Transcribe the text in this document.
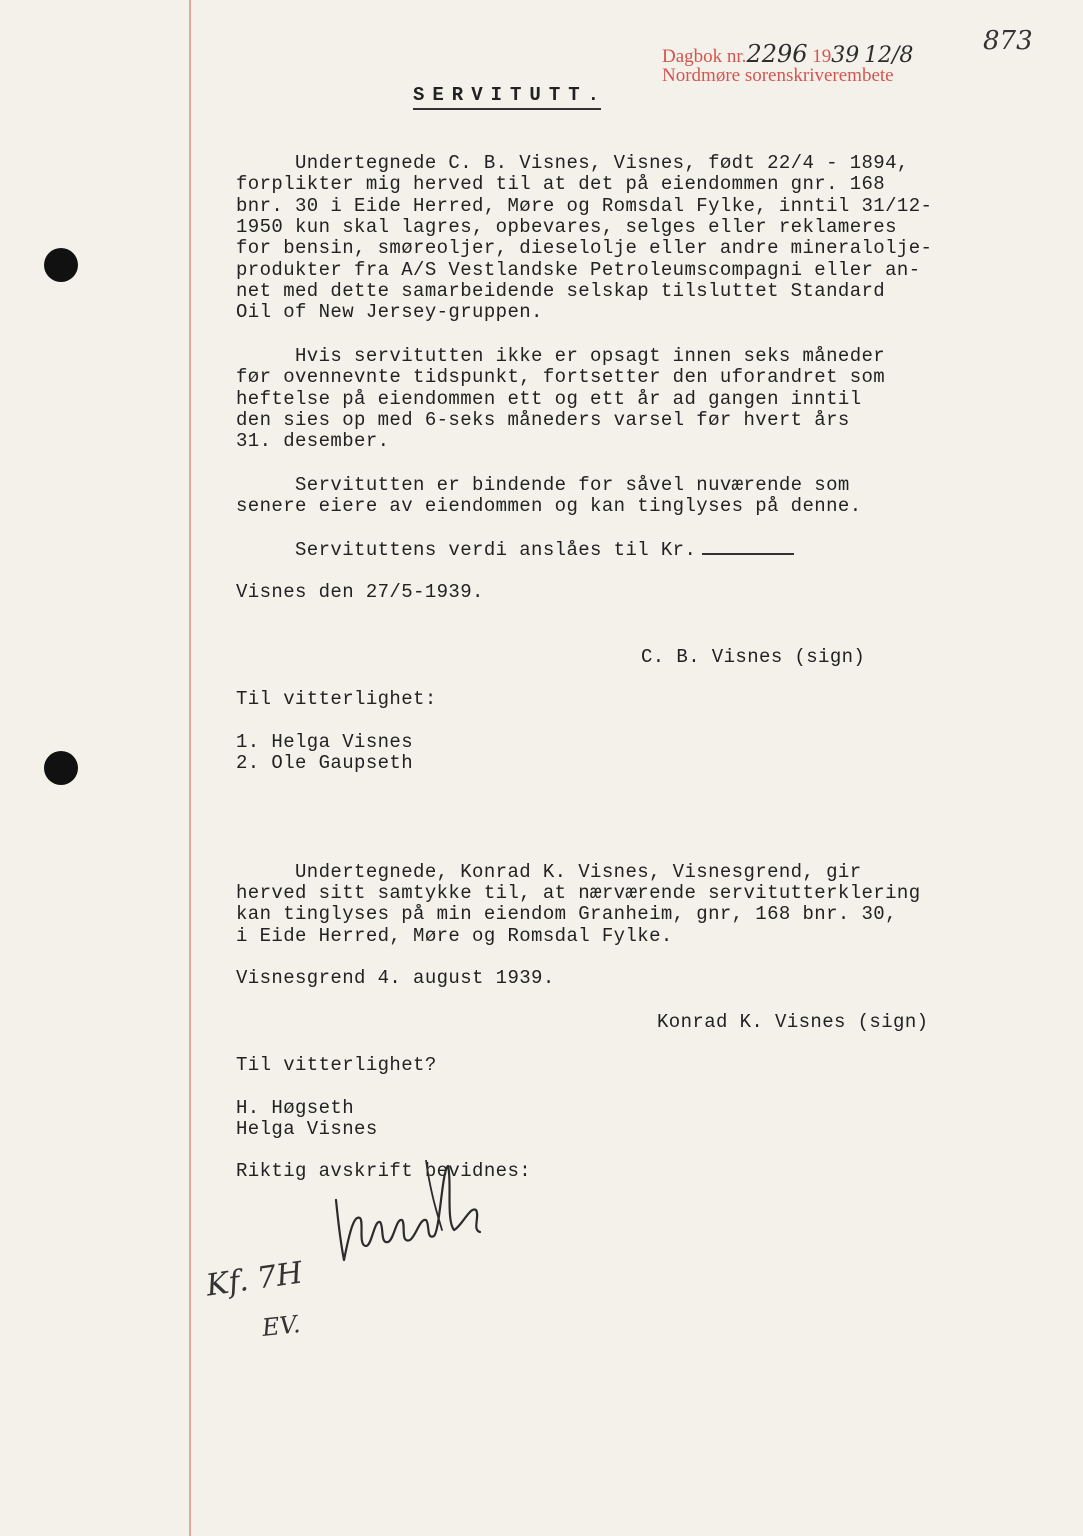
873
Dagbok nr.2296 1939 12/8
Nordmøre sorenskriverembete
SERVITUTT.
Undertegnede C. B. Visnes, Visnes, født 22/4 - 1894,
forplikter mig herved til at det på eiendommen gnr. 168
bnr. 30 i Eide Herred, Møre og Romsdal Fylke, inntil 31/12-
1950 kun skal lagres, opbevares, selges eller reklameres
for bensin, smøreoljer, dieselolje eller andre mineralolje-
produkter fra A/S Vestlandske Petroleumscompagni eller an-
net med dette samarbeidende selskap tilsluttet Standard
Oil of New Jersey-gruppen.
Hvis servitutten ikke er opsagt innen seks måneder
før ovennevnte tidspunkt, fortsetter den uforandret som
heftelse på eiendommen ett og ett år ad gangen inntil
den sies op med 6-seks måneders varsel før hvert års
31. desember.
Servitutten er bindende for såvel nuværende som
senere eiere av eiendommen og kan tinglyses på denne.
Servituttens verdi anslåes til Kr.
Visnes den 27/5-1939.
C. B. Visnes (sign)
Til vitterlighet:
1. Helga Visnes
2. Ole Gaupseth
Undertegnede, Konrad K. Visnes, Visnesgrend, gir
herved sitt samtykke til, at nærværende servitutterklering
kan tinglyses på min eiendom Granheim, gnr, 168 bnr. 30,
i Eide Herred, Møre og Romsdal Fylke.
Visnesgrend 4. august 1939.
Konrad K. Visnes (sign)
Til vitterlighet?
H. Høgseth
Helga Visnes
Riktig avskrift bevidnes:
Kf. 7H
EV.
